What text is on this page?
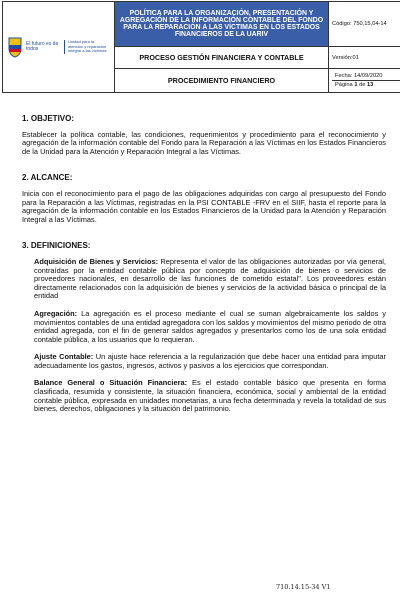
El futuro es de todos
Unidad para la atención y reparación integral a las víctimas	POLÍTICA PARA LA ORGANIZACIÓN, PRESENTACIÓN Y AGREGACIÓN DE LA INFORMACIÓN CONTABLE DEL FONDO PARA LA REPARACIÓN A LAS VÍCTIMAS EN LOS ESTADOS FINANCIEROS DE LA UARIV	Código: 750,15,04-14
	PROCESO GESTIÓN FINANCIERA Y CONTABLE	Versión:01
	PROCEDIMIENTO FINANCIERO	Fecha: 14/09/2020
Página 1 de 13
1. OBJETIVO:
Establecer la política contable, las condiciones, requerimientos y procedimiento para el reconocimiento y agregación de la información contable del Fondo para la Reparación a las Víctimas en los Estados Financieros de la Unidad para la Atención y Reparación Integral a las Víctimas.
2. ALCANCE:
Inicia con el reconocimiento para el pago de las obligaciones adquiridas con cargo al presupuesto del Fondo para la Reparación a las Víctimas, registradas en la PSI CONTABLE -FRV en el SIIF, hasta el reporte para la agregación de la información contable en los Estados Financieros de la Unidad para la Atención y Reparación Integral a las Víctimas.
3. DEFINICIONES:
Adquisición de Bienes y Servicios: Representa el valor de las obligaciones autorizadas por vía general, contraídas por la entidad contable pública por concepto de adquisición de bienes o servicios de proveedores nacionales, en desarrollo de las funciones de cometido estatal". Los proveedores están directamente relacionados con la adquisición de bienes y servicios de la actividad básica o principal de la entidad
Agregación: La agregación es el proceso mediante el cual se suman algebraicamente los saldos y movimientos contables de una entidad agregadora con los saldos y movimientos del mismo periodo de otra entidad agregada, con el fin de generar saldos agregados y presentarlos como los de una sola entidad contable pública, a los usuarios que lo requieran.
Ajuste Contable: Un ajuste hace referencia a la regularización que debe hacer una entidad para imputar adecuadamente los gastos, ingresos, activos y pasivos a los ejercicios que correspondan.
Balance General o Situación Financiera: Es el estado contable básico que presenta en forma clasificada, resumida y consistente, la situación financiera, económica, social y ambiental de la entidad contable pública, expresada en unidades monetarias, a una fecha determinada y revela la totalidad de sus bienes, derechos, obligaciones y la situación del patrimonio.
710.14.15-34 V1
